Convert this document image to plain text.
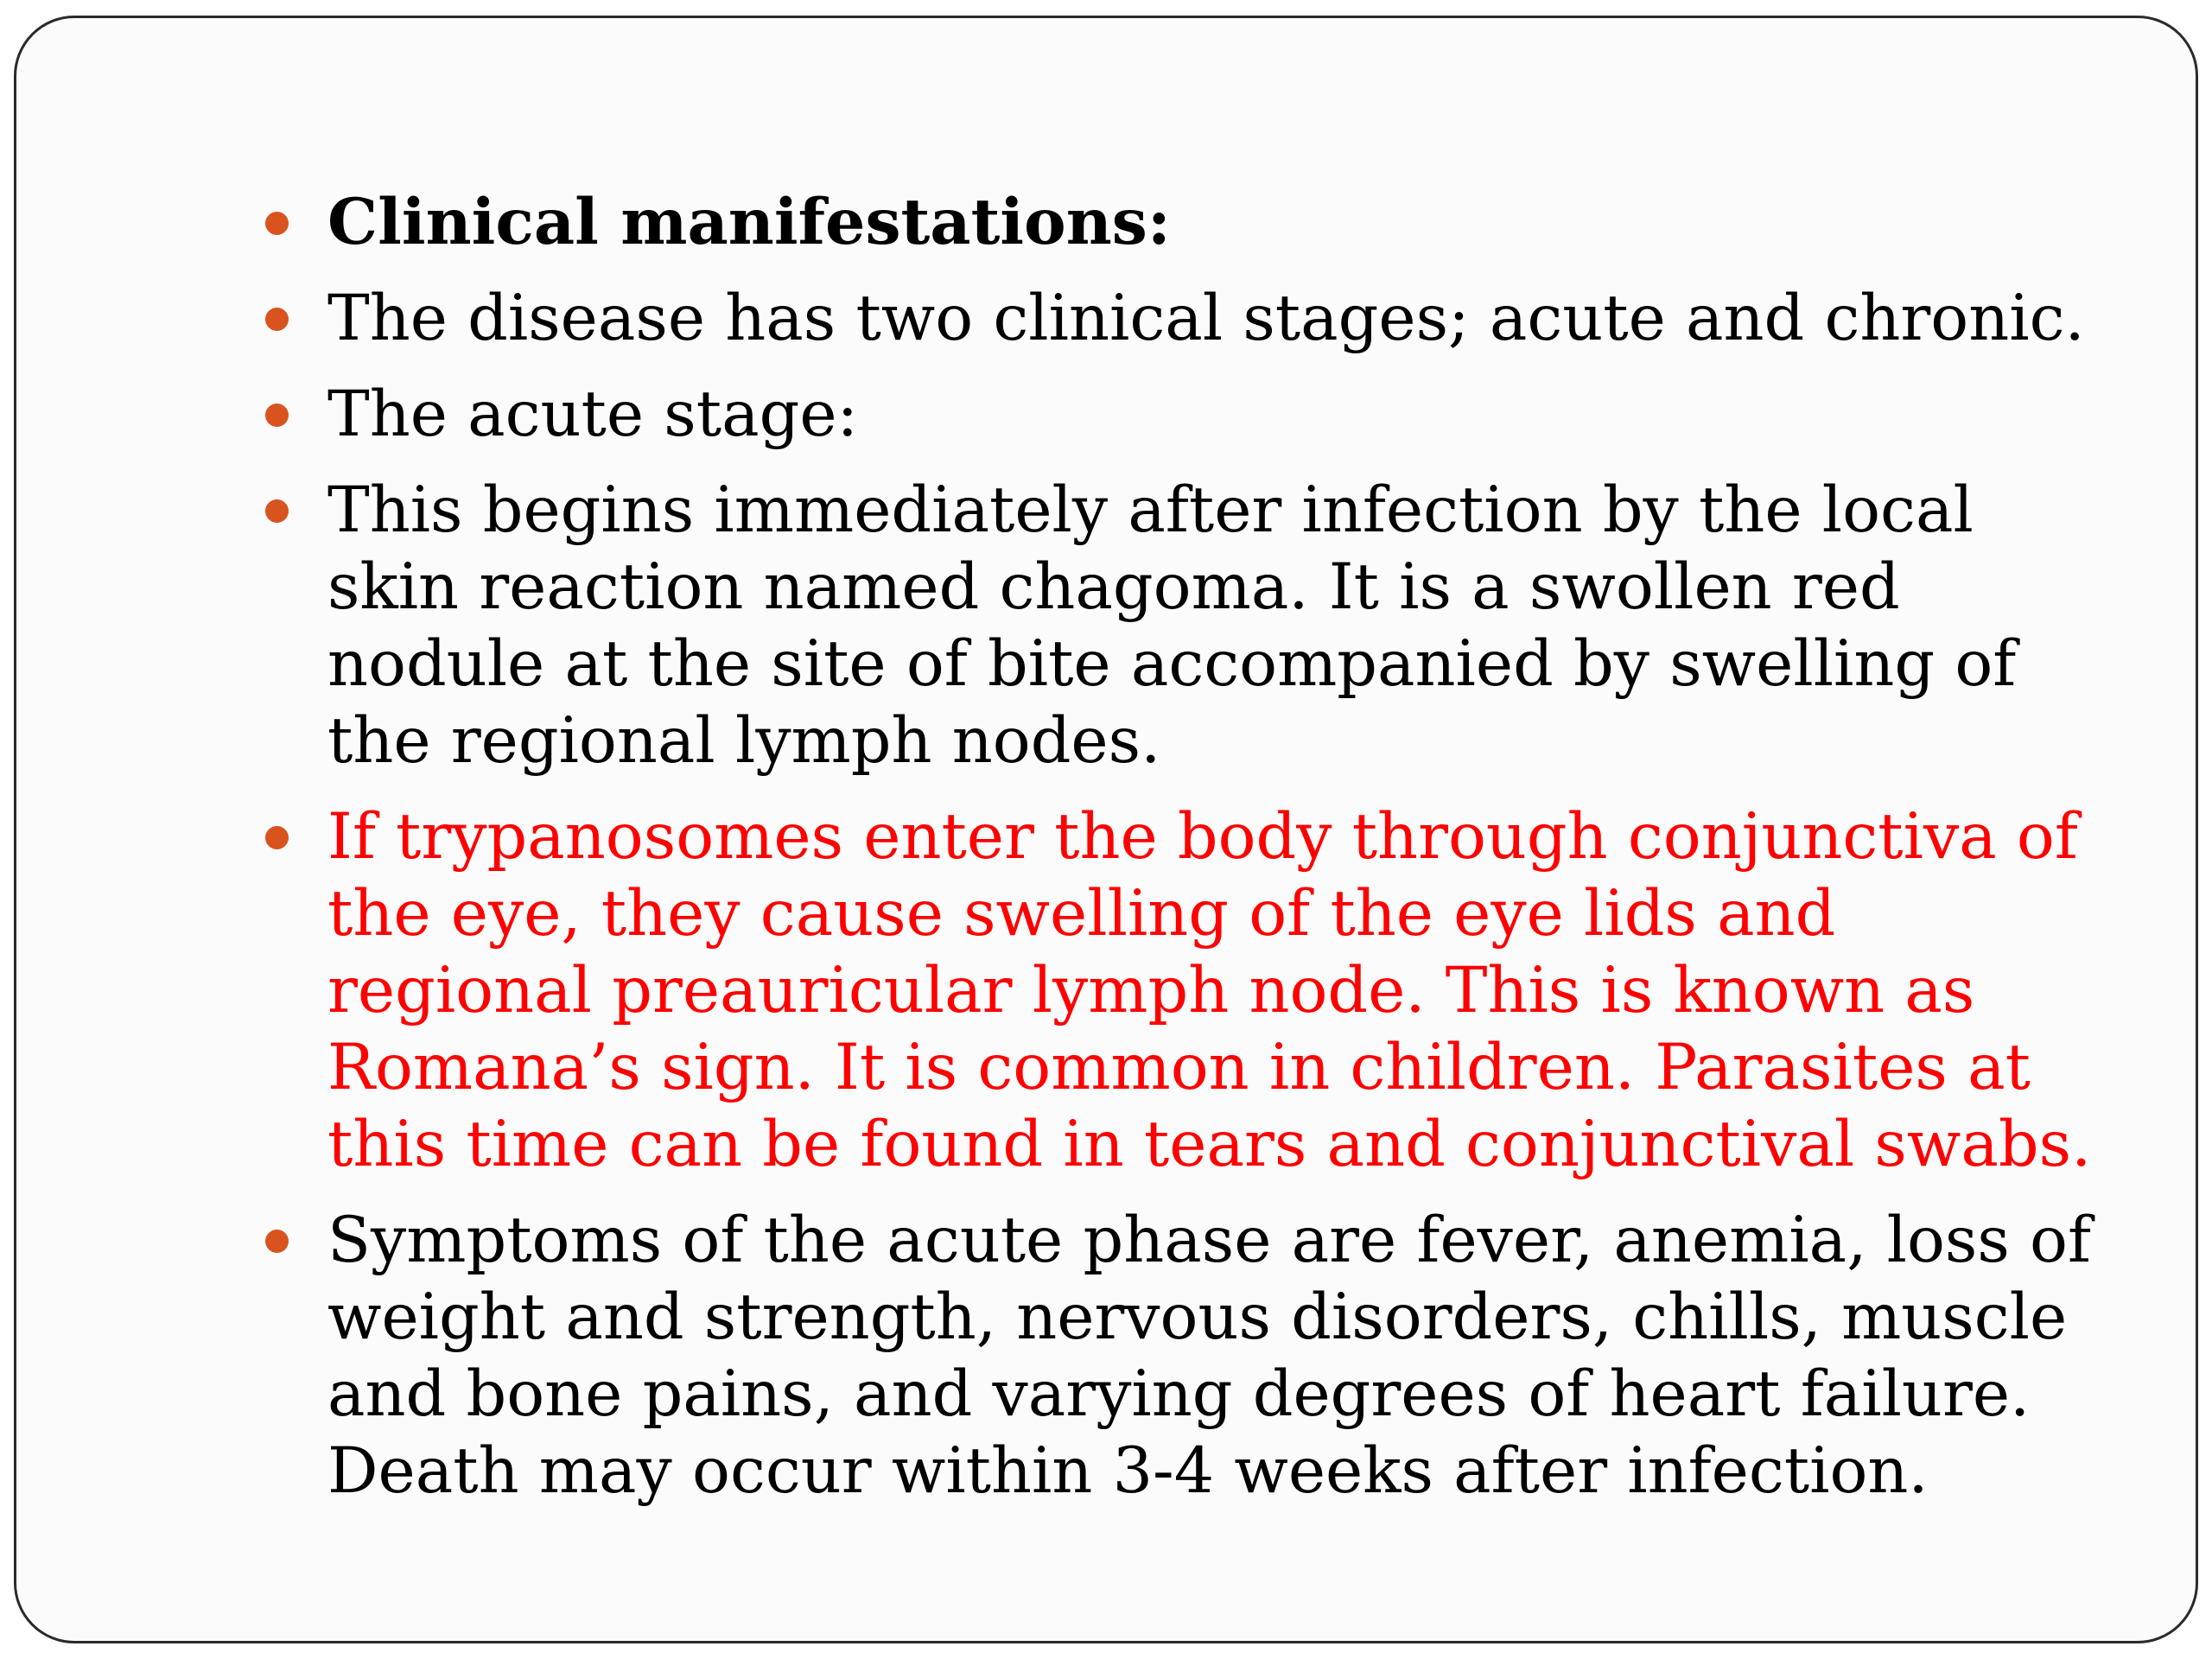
Clinical manifestations:
The disease has two clinical stages; acute and chronic.
The acute stage:
This begins immediately after infection by the local skin reaction named chagoma. It is a swollen red nodule at the site of bite accompanied by swelling of the regional lymph nodes.
If trypanosomes enter the body through conjunctiva of the eye, they cause swelling of the eye lids and regional preauricular lymph node. This is known as Romana’s sign. It is common in children. Parasites at this time can be found in tears and conjunctival swabs.
Symptoms of the acute phase are fever, anemia, loss of weight and strength, nervous disorders, chills, muscle and bone pains, and varying degrees of heart failure. Death may occur within 3-4 weeks after infection.
